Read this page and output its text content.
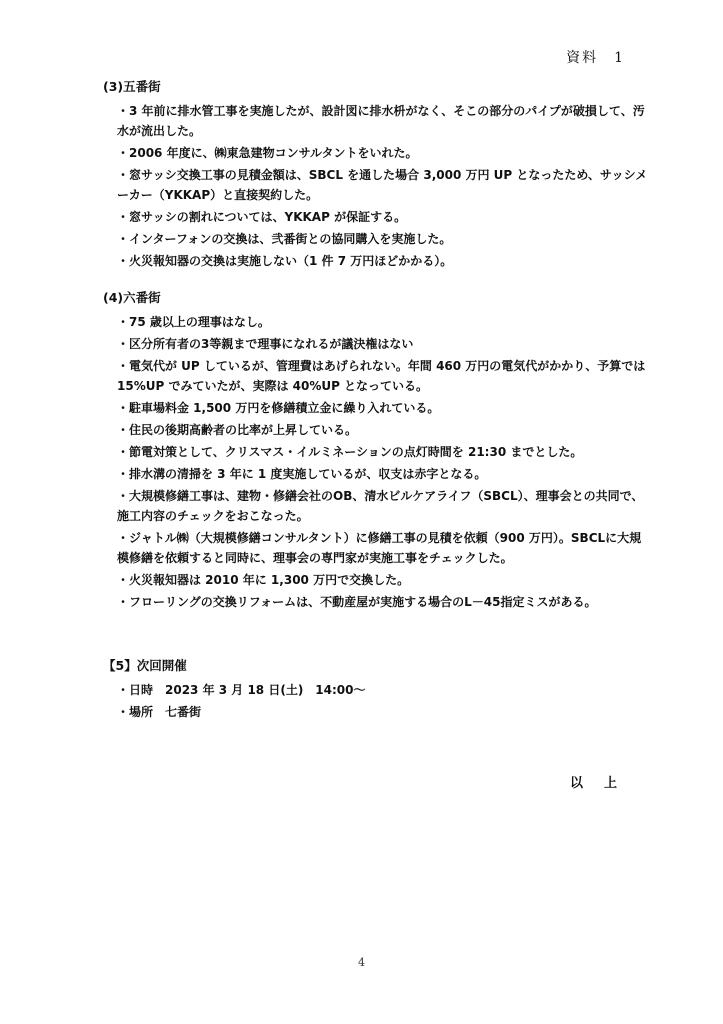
資料　1
(3)五番街
・3 年前に排水管工事を実施したが、設計図に排水枡がなく、そこの部分のパイプが破損して、汚水が流出した。
・2006 年度に、㈱東急建物コンサルタントをいれた。
・窓サッシ交換工事の見積金額は、SBCL を通した場合 3,000 万円 UP となったため、サッシメーカー（YKKAP）と直接契約した。
・窓サッシの割れについては、YKKAP が保証する。
・インターフォンの交換は、弐番街との協同購入を実施した。
・火災報知器の交換は実施しない（1 件 7 万円ほどかかる）。
(4)六番街
・75 歳以上の理事はなし。
・区分所有者の3等親まで理事になれるが議決権はない
・電気代が UP しているが、管理費はあげられない。年間 460 万円の電気代がかかり、予算では 15%UP でみていたが、実際は 40%UP となっている。
・駐車場料金 1,500 万円を修繕積立金に繰り入れている。
・住民の後期高齢者の比率が上昇している。
・節電対策として、クリスマス・イルミネーションの点灯時間を 21:30 までとした。
・排水溝の清掃を 3 年に 1 度実施しているが、収支は赤字となる。
・大規模修繕工事は、建物・修繕会社のOB、清水ビルケアライフ（SBCL）、理事会との共同で、施工内容のチェックをおこなった。
・ジャトル㈱（大規模修繕コンサルタント）に修繕工事の見積を依頼（900 万円）。SBCLに大規模修繕を依頼すると同時に、理事会の専門家が実施工事をチェックした。
・火災報知器は 2010 年に 1,300 万円で交換した。
・フローリングの交換リフォームは、不動産屋が実施する場合のL－45指定ミスがある。
【5】次回開催
・日時　2023 年 3 月 18 日(土)　14:00～
・場所　七番街
以　上
4
